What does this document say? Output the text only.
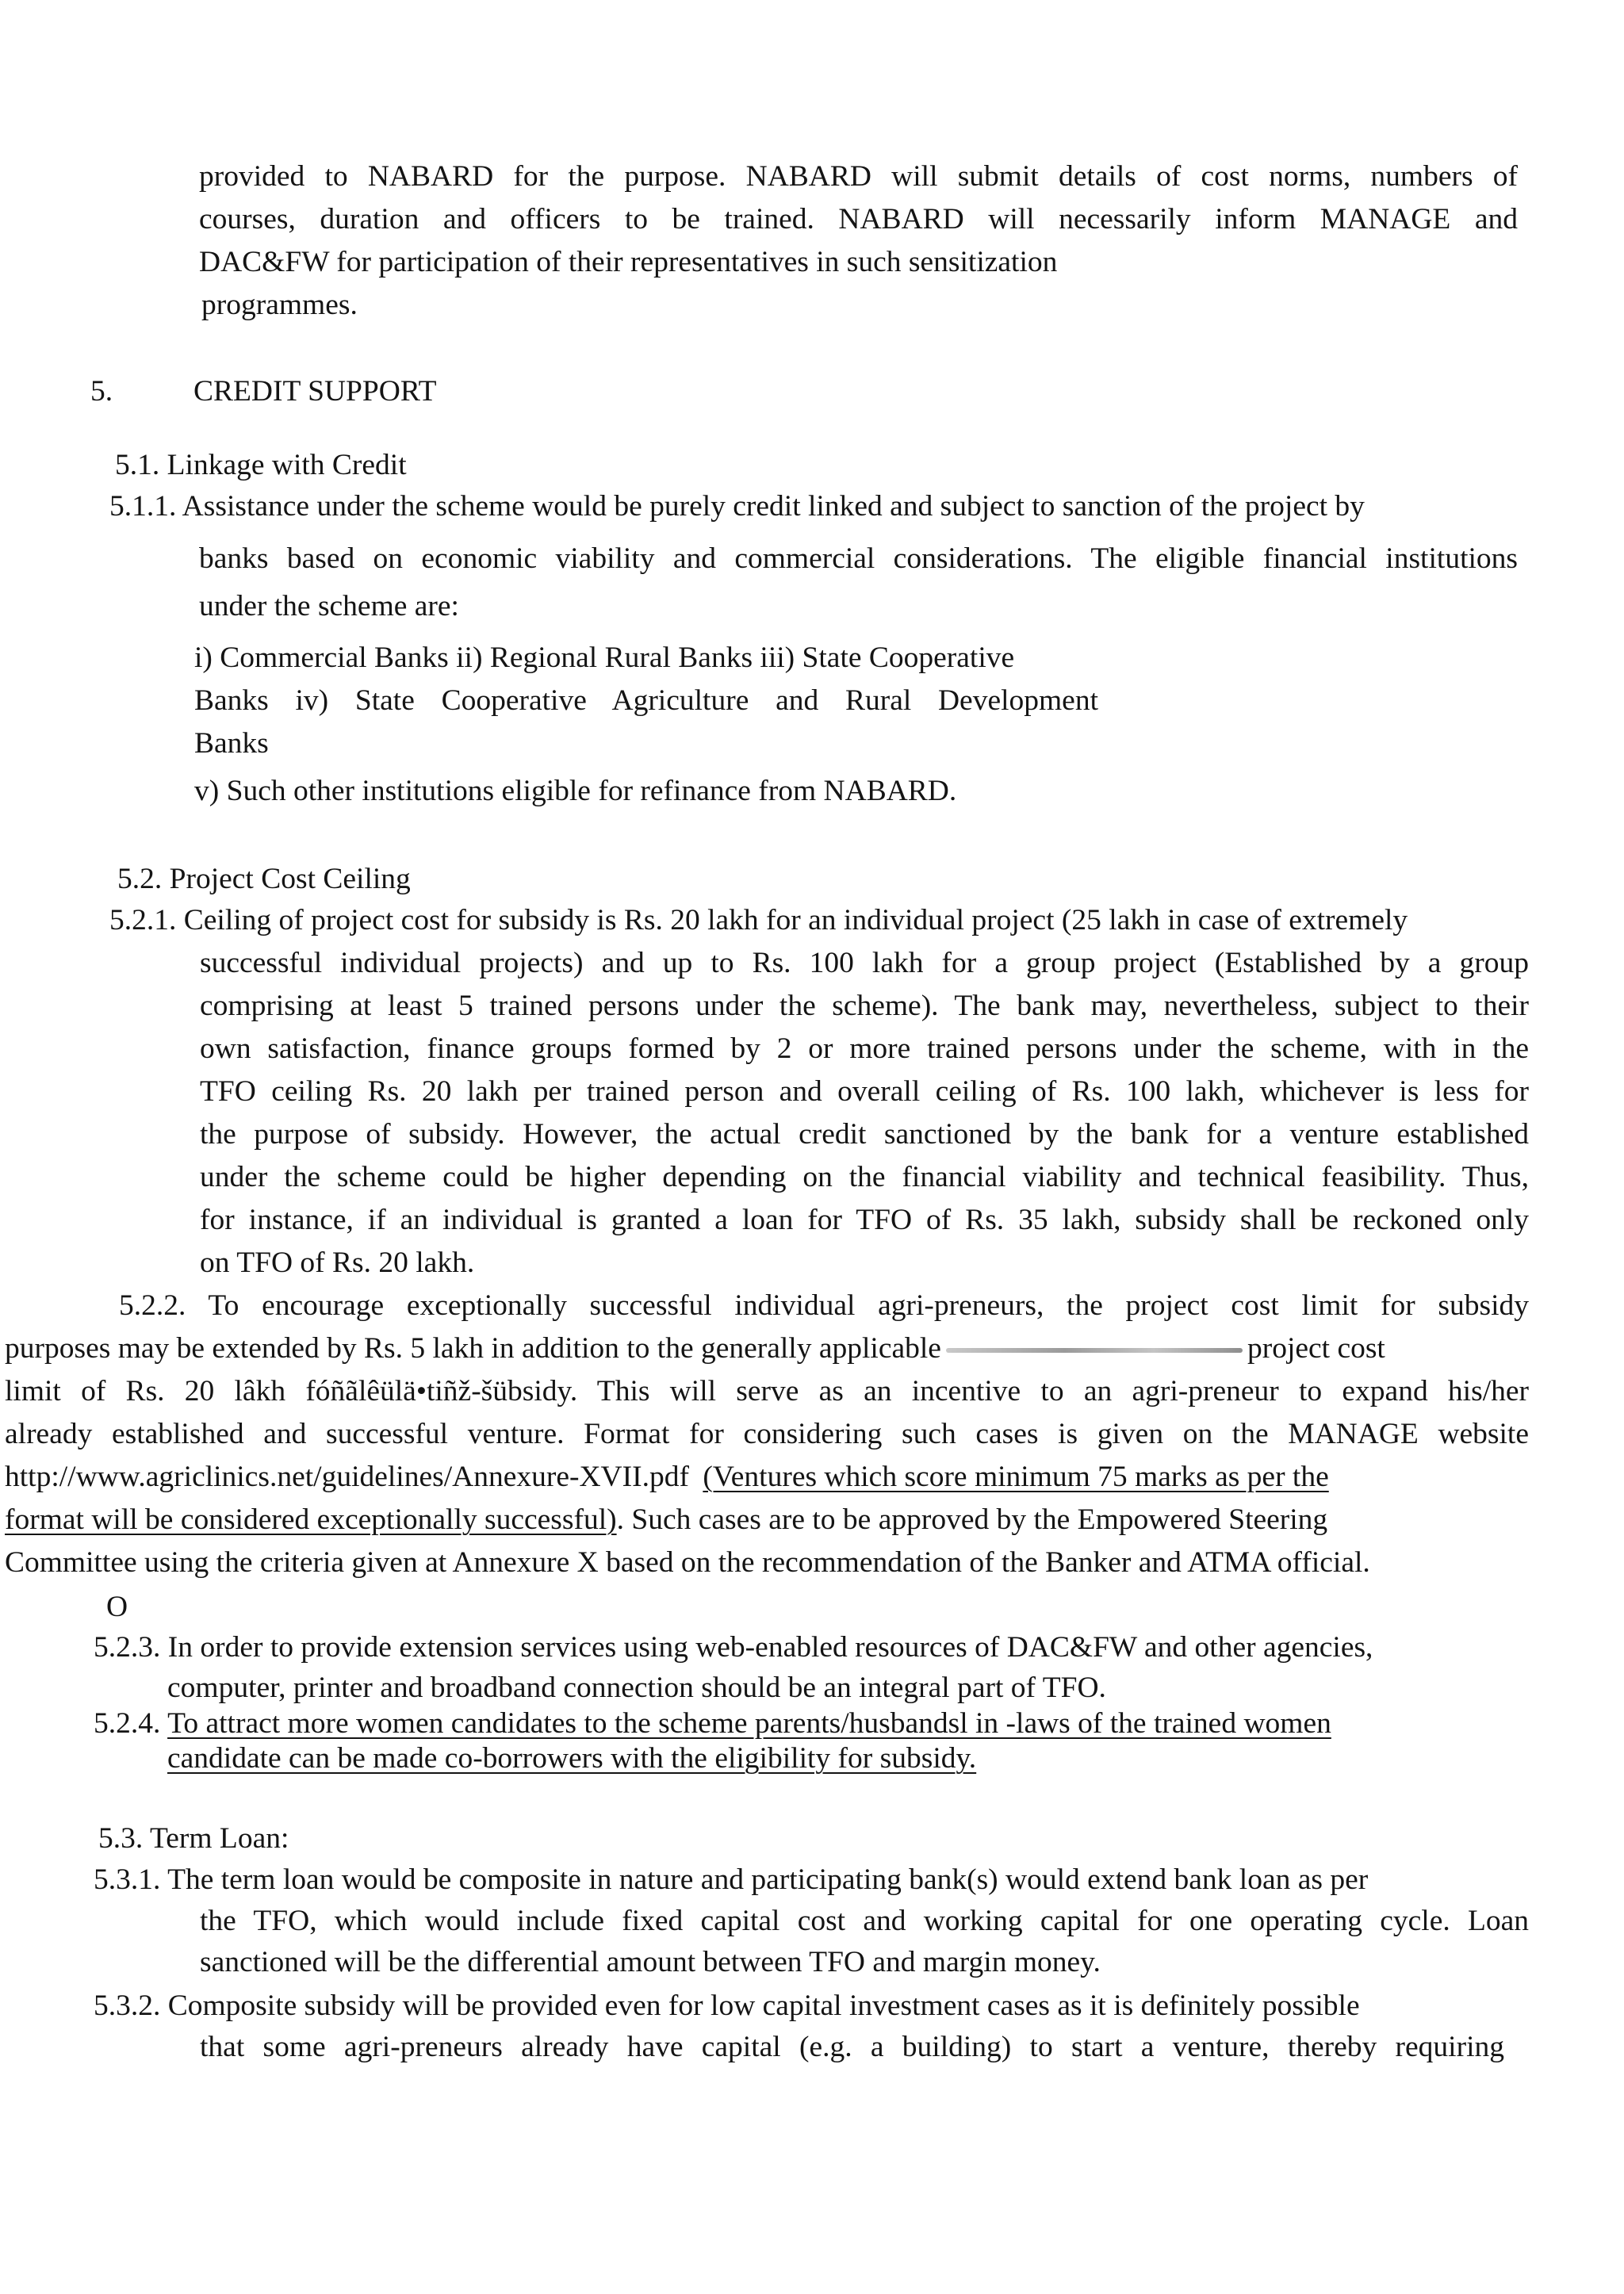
provided to NABARD for the purpose. NABARD will submit details of cost norms, numbers of
courses, duration and officers to be trained. NABARD will necessarily inform MANAGE and
DAC&FW for participation of their representatives in such sensitization
programmes.
5.	CREDIT SUPPORT
5.1. Linkage with Credit
5.1.1. Assistance under the scheme would be purely credit linked and subject to sanction of the project by
banks based on economic viability and commercial considerations. The eligible financial institutions
under the scheme are:
i) Commercial Banks ii) Regional Rural Banks iii) State Cooperative
Banks iv) State Cooperative Agriculture and Rural Development
Banks
v) Such other institutions eligible for refinance from NABARD.
5.2. Project Cost Ceiling
5.2.1. Ceiling of project cost for subsidy is Rs. 20 lakh for an individual project (25 lakh in case of extremely
successful individual projects) and up to Rs. 100 lakh for a group project (Established by a group
comprising at least 5 trained persons under the scheme). The bank may, nevertheless, subject to their
own satisfaction, finance groups formed by 2 or more trained persons under the scheme, with in the
TFO ceiling Rs. 20 lakh per trained person and overall ceiling of Rs. 100 lakh, whichever is less for
the purpose of subsidy. However, the actual credit sanctioned by the bank for a venture established
under the scheme could be higher depending on the financial viability and technical feasibility. Thus,
for instance, if an individual is granted a loan for TFO of Rs. 35 lakh, subsidy shall be reckoned only
on TFO of Rs. 20 lakh.
5.2.2. To encourage exceptionally successful individual agri-preneurs, the project cost limit for subsidy
purposes may be extended by Rs. 5 lakh in addition to the generally applicable	project cost
limit of Rs. 20 lâkh fóñãlêülä•tiñž-šübsidy. This will serve as an incentive to an agri-preneur to expand his/her
already established and successful venture. Format for considering such cases is given on the MANAGE website
http://www.agriclinics.net/guidelines/Annexure-XVII.pdf (Ventures which score minimum 75 marks as per the
format will be considered exceptionally successful). Such cases are to be approved by the Empowered Steering
Committee using the criteria given at Annexure X based on the recommendation of the Banker and ATMA official.
O
5.2.3. In order to provide extension services using web-enabled resources of DAC&FW and other agencies,
computer, printer and broadband connection should be an integral part of TFO.
5.2.4. To attract more women candidates to the scheme parents/husbandsl in -laws of the trained women
candidate can be made co-borrowers with the eligibility for subsidy.
5.3. Term Loan:
5.3.1. The term loan would be composite in nature and participating bank(s) would extend bank loan as per
the TFO, which would include fixed capital cost and working capital for one operating cycle. Loan
sanctioned will be the differential amount between TFO and margin money.
5.3.2. Composite subsidy will be provided even for low capital investment cases as it is definitely possible
that some agri-preneurs already have capital (e.g. a building) to start a venture, thereby requiring
